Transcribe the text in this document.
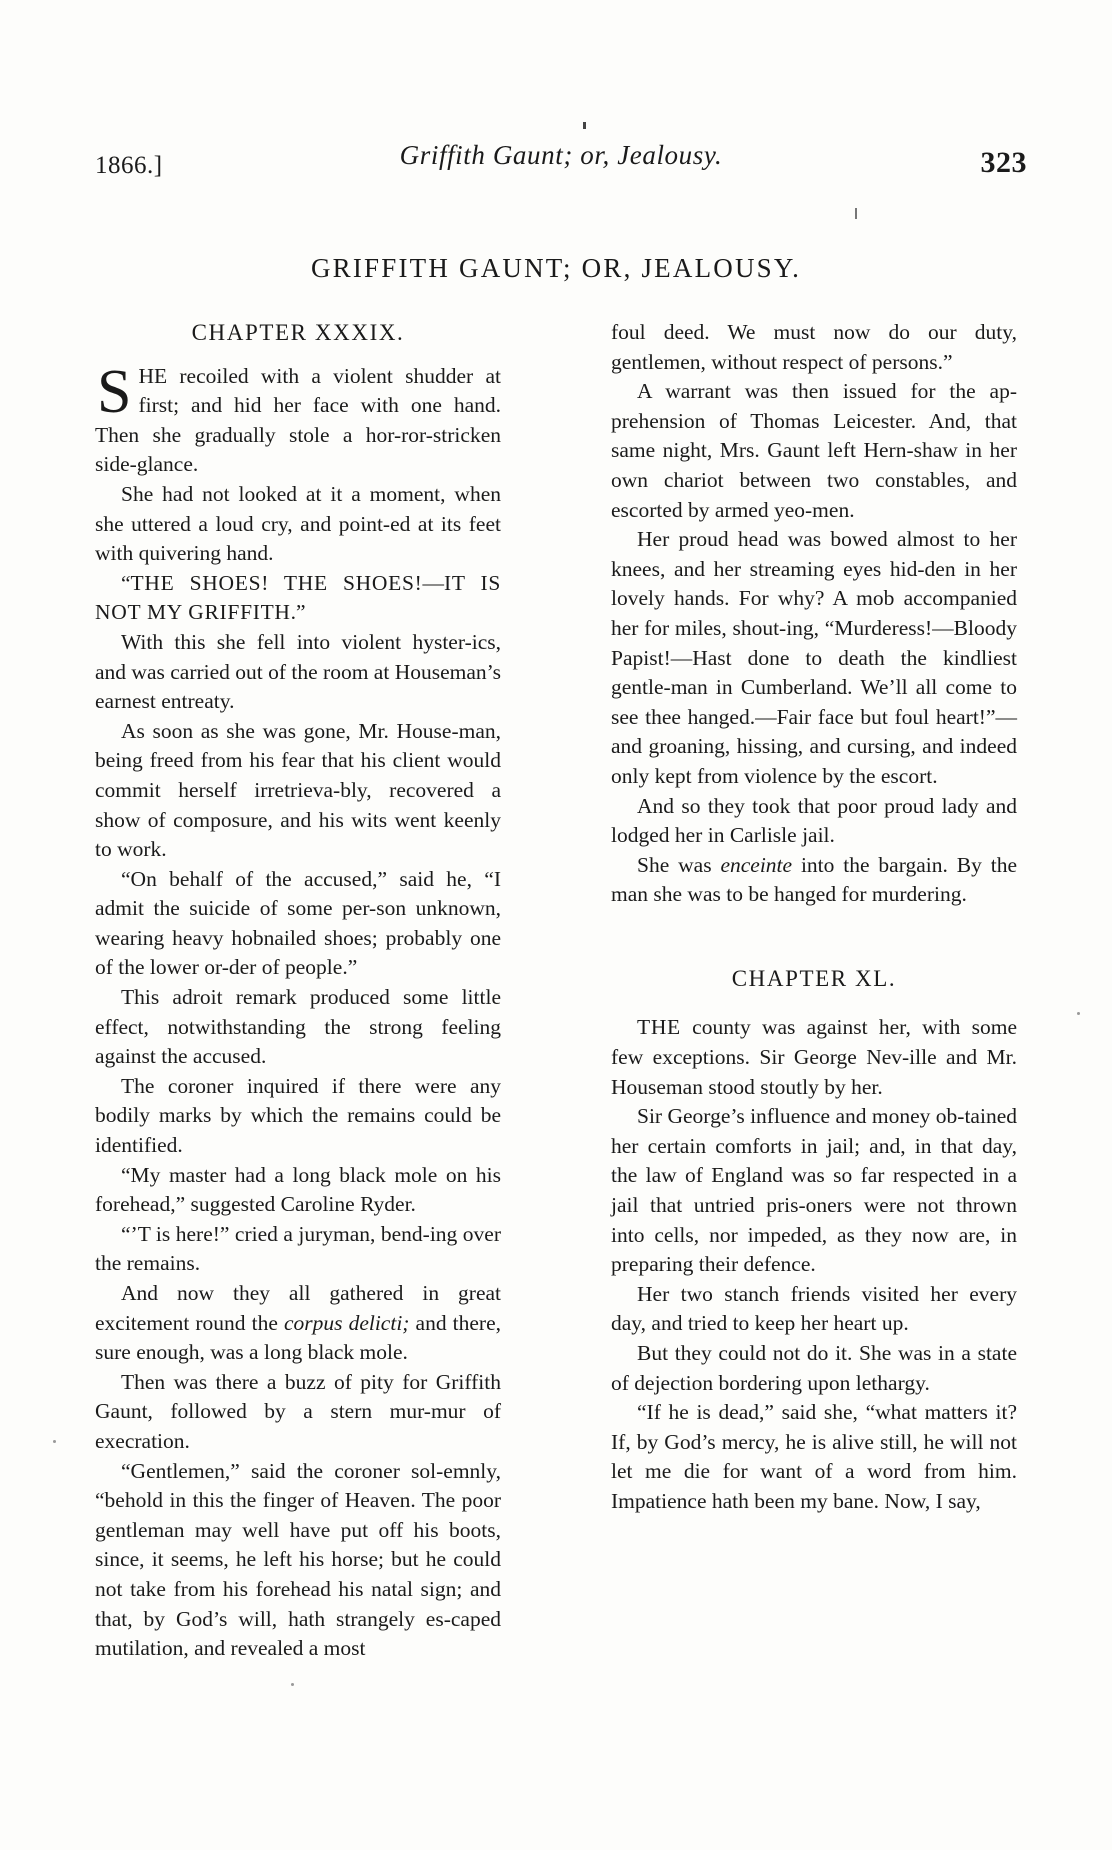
1866.]	Griffith Gaunt; or, Jealousy.	323
GRIFFITH GAUNT; OR, JEALOUSY.
CHAPTER XXXIX.

SHE recoiled with a violent shudder at first; and hid her face with one hand. Then she gradually stole a hor-ror-stricken side-glance.

She had not looked at it a moment, when she uttered a loud cry, and point-ed at its feet with quivering hand.

“THE SHOES! THE SHOES!—IT IS NOT MY GRIFFITH.”

With this she fell into violent hyster-ics, and was carried out of the room at Houseman’s earnest entreaty.

As soon as she was gone, Mr. House-man, being freed from his fear that his client would commit herself irretrieva-bly, recovered a show of composure, and his wits went keenly to work.

“On behalf of the accused,” said he, “I admit the suicide of some per-son unknown, wearing heavy hobnailed shoes; probably one of the lower or-der of people.”

This adroit remark produced some little effect, notwithstanding the strong feeling against the accused.

The coroner inquired if there were any bodily marks by which the remains could be identified.

“My master had a long black mole on his forehead,” suggested Caroline Ryder.

“’T is here!” cried a juryman, bend-ing over the remains.

And now they all gathered in great excitement round the corpus delicti; and there, sure enough, was a long black mole.

Then was there a buzz of pity for Griffith Gaunt, followed by a stern mur-mur of execration.

“Gentlemen,” said the coroner sol-emnly, “behold in this the finger of Heaven. The poor gentleman may well have put off his boots, since, it seems, he left his horse; but he could not take from his forehead his natal sign; and that, by God’s will, hath strangely es-caped mutilation, and revealed a most

foul deed. We must now do our duty, gentlemen, without respect of persons.”

A warrant was then issued for the ap-prehension of Thomas Leicester. And, that same night, Mrs. Gaunt left Hern-shaw in her own chariot between two constables, and escorted by armed yeo-men.

Her proud head was bowed almost to her knees, and her streaming eyes hid-den in her lovely hands. For why? A mob accompanied her for miles, shout-ing, “Murderess!—Bloody Papist!—Hast done to death the kindliest gentle-man in Cumberland. We’ll all come to see thee hanged.—Fair face but foul heart!”—and groaning, hissing, and cursing, and indeed only kept from violence by the escort.

And so they took that poor proud lady and lodged her in Carlisle jail.

She was enceinte into the bargain. By the man she was to be hanged for murdering.

CHAPTER XL.

THE county was against her, with some few exceptions. Sir George Nev-ille and Mr. Houseman stood stoutly by her.

Sir George’s influence and money ob-tained her certain comforts in jail; and, in that day, the law of England was so far respected in a jail that untried pris-oners were not thrown into cells, nor impeded, as they now are, in preparing their defence.

Her two stanch friends visited her every day, and tried to keep her heart up.

But they could not do it. She was in a state of dejection bordering upon lethargy.

“If he is dead,” said she, “what matters it? If, by God’s mercy, he is alive still, he will not let me die for want of a word from him. Impatience hath been my bane. Now, I say,
